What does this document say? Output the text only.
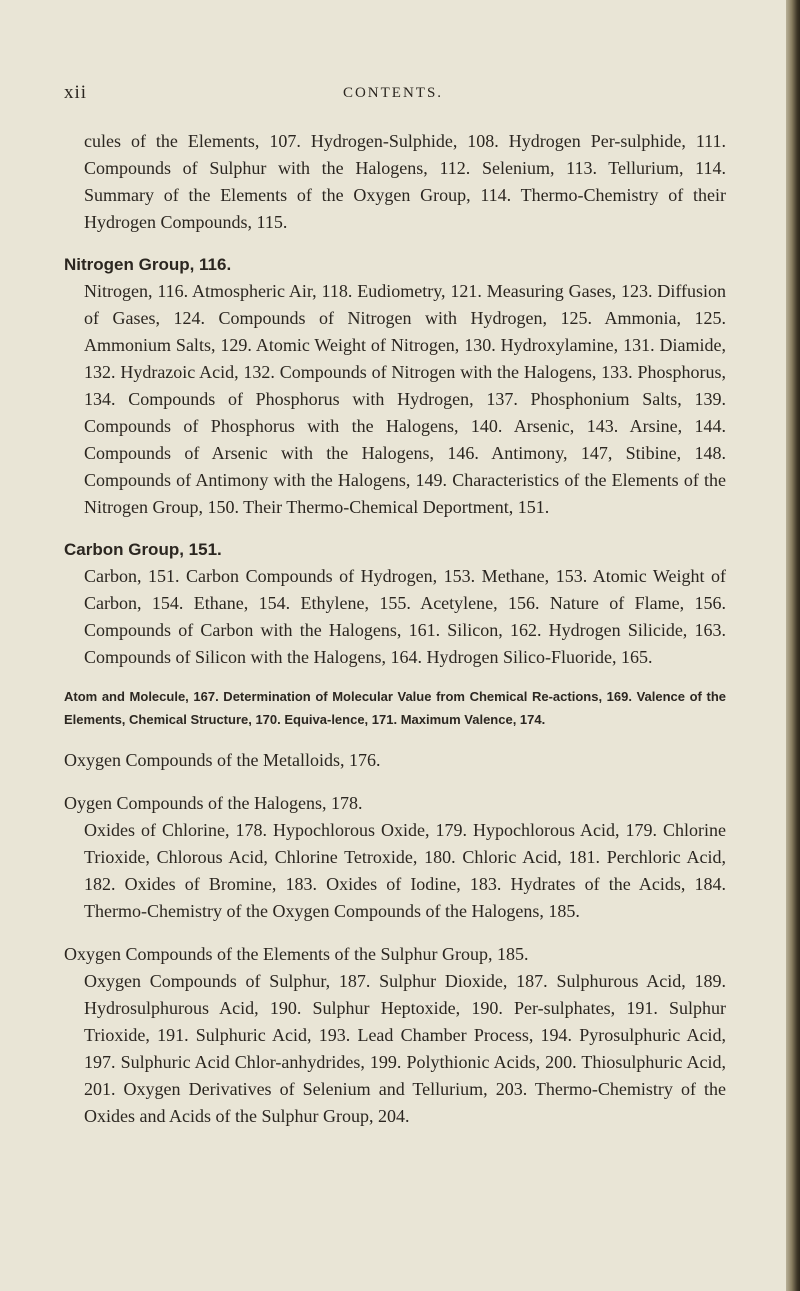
xii	CONTENTS.

cules of the Elements, 107. Hydrogen-Sulphide, 108. Hydrogen Per-sulphide, 111. Compounds of Sulphur with the Halogens, 112. Selenium, 113. Tellurium, 114. Summary of the Elements of the Oxygen Group, 114. Thermo-Chemistry of their Hydrogen Compounds, 115.

Nitrogen Group, 116.
Nitrogen, 116. Atmospheric Air, 118. Eudiometry, 121. Measuring Gases, 123. Diffusion of Gases, 124. Compounds of Nitrogen with Hydrogen, 125. Ammonia, 125. Ammonium Salts, 129. Atomic Weight of Nitrogen, 130. Hydroxylamine, 131. Diamide, 132. Hydrazoic Acid, 132. Compounds of Nitrogen with the Halogens, 133. Phosphorus, 134. Compounds of Phosphorus with Hydrogen, 137. Phosphonium Salts, 139. Compounds of Phosphorus with the Halogens, 140. Arsenic, 143. Arsine, 144. Compounds of Arsenic with the Halogens, 146. Antimony, 147, Stibine, 148. Compounds of Antimony with the Halogens, 149. Characteristics of the Elements of the Nitrogen Group, 150. Their Thermo-Chemical Deportment, 151.
Carbon Group, 151.
Carbon, 151. Carbon Compounds of Hydrogen, 153. Methane, 153. Atomic Weight of Carbon, 154. Ethane, 154. Ethylene, 155. Acetylene, 156. Nature of Flame, 156. Compounds of Carbon with the Halogens, 161. Silicon, 162. Hydrogen Silicide, 163. Compounds of Silicon with the Halogens, 164. Hydrogen Silico-Fluoride, 165.
Atom and Molecule, 167. Determination of Molecular Value from Chemical Re-actions, 169. Valence of the Elements, Chemical Structure, 170. Equiva-lence, 171. Maximum Valence, 174.
Oxygen Compounds of the Metalloids, 176.
Oygen Compounds of the Halogens, 178.
Oxides of Chlorine, 178. Hypochlorous Oxide, 179. Hypochlorous Acid, 179. Chlorine Trioxide, Chlorous Acid, Chlorine Tetroxide, 180. Chloric Acid, 181. Perchloric Acid, 182. Oxides of Bromine, 183. Oxides of Iodine, 183. Hydrates of the Acids, 184. Thermo-Chemistry of the Oxygen Compounds of the Halogens, 185.
Oxygen Compounds of the Elements of the Sulphur Group, 185.
Oxygen Compounds of Sulphur, 187. Sulphur Dioxide, 187. Sulphurous Acid, 189. Hydrosulphurous Acid, 190. Sulphur Heptoxide, 190. Per-sulphates, 191. Sulphur Trioxide, 191. Sulphuric Acid, 193. Lead Chamber Process, 194. Pyrosulphuric Acid, 197. Sulphuric Acid Chlor-anhydrides, 199. Polythionic Acids, 200. Thiosulphuric Acid, 201. Oxygen Derivatives of Selenium and Tellurium, 203. Thermo-Chemistry of the Oxides and Acids of the Sulphur Group, 204.
